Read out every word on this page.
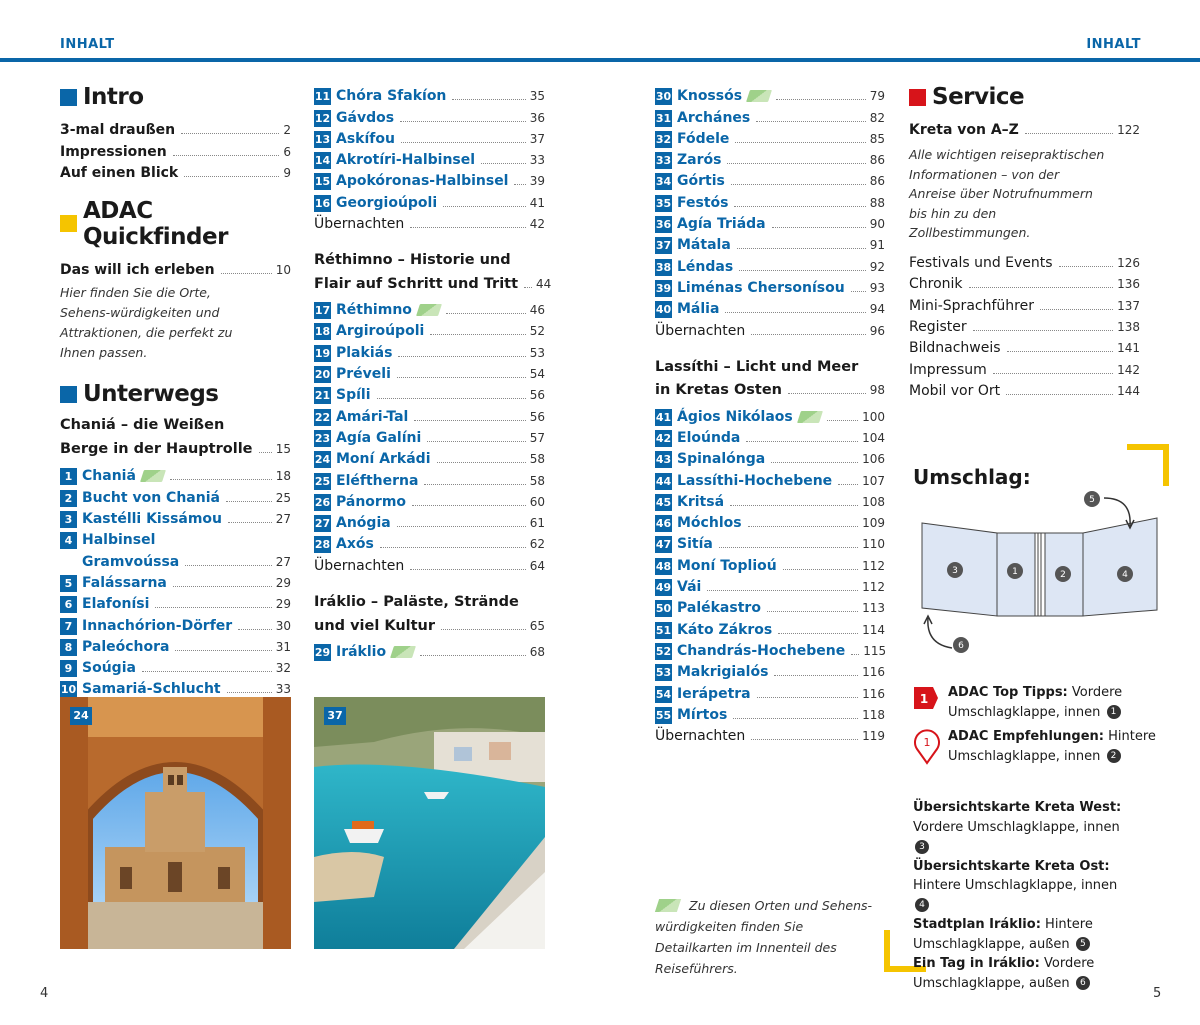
INHALT	INHALT
Intro
3-mal draußen	2
Impressionen	6
Auf einen Blick	9
ADAC Quickfinder
Das will ich erleben	10
Hier finden Sie die Orte, Sehens-würdigkeiten und Attraktionen, die perfekt zu Ihnen passen.
Unterwegs
Chaniá – die Weißen
Berge in der Hauptrolle 15
1 Chaniá	18
2 Bucht von Chaniá	25
3 Kastélli Kissámou	27
4 Halbinsel
Gramvoússa	27
5 Falássarna	29
6 Elafonísi	29
7 Innachórion-Dörfer	30
8 Paleóchora	31
9 Soúgia	32
10 Samariá-Schlucht	33
11 Chóra Sfakíon	35
12 Gávdos	36
13 Askífou	37
14 Akrotíri-Halbinsel	33
15 Apokóronas-Halbinsel 39
16 Georgioúpoli	41
Übernachten	42
Réthimno – Historie und
Flair auf Schritt und Tritt 44
17 Réthimno	46
18 Argiroúpoli	52
19 Plakiás	53
20 Préveli	54
21 Spíli	56
22 Amári-Tal	56
23 Agía Galíni	57
24 Moní Arkádi	58
25 Eléftherna	58
26 Pánormo	60
27 Anógia	61
28 Axós	62
Übernachten	64
Iráklio – Paläste, Strände
und viel Kultur	65
29 Iráklio	68
24	37
30 Knossós	79
31 Archánes	82
32 Fódele	85
33 Zarós	86
34 Górtis	86
35 Festós	88
36 Agía Triáda	90
37 Mátala	91
38 Léndas	92
39 Liménas Chersonísou 93
40 Mália	94
Übernachten	96
Lassíthi – Licht und Meer
in Kretas Osten	98
41 Ágios Nikólaos	100
42 Eloúnda	104
43 Spinalónga	106
44 Lassíthi-Hochebene 107
45 Kritsá	108
46 Móchlos	109
47 Sitía	110
48 Moní Toplioú	112
49 Vái	112
50 Palékastro	113
51 Káto Zákros	114
52 Chandrás-Hochebene 115
53 Makrigialós	116
54 Ierápetra	116
55 Mírtos	118
Übernachten	119
Zu diesen Orten und Sehens-würdigkeiten finden Sie Detailkarten im Innenteil des Reiseführers.
Service
Kreta von A–Z	122
Alle wichtigen reisepraktischen Informationen – von der Anreise über Notrufnummern bis hin zu den Zollbestimmungen.
Festivals und Events	126
Chronik	136
Mini-Sprachführer	137
Register	138
Bildnachweis	141
Impressum	142
Mobil vor Ort	144
Umschlag:
3	1	2	4
5
6
1 ADAC Top Tipps: Vordere Umschlagklappe, innen 1
1 ADAC Empfehlungen: Hintere Umschlagklappe, innen 2
Übersichtskarte Kreta West: Vordere Umschlagklappe, innen 3
Übersichtskarte Kreta Ost: Hintere Umschlagklappe, innen 4
Stadtplan Iráklio: Hintere Umschlagklappe, außen 5
Ein Tag in Iráklio: Vordere Umschlagklappe, außen 6
4	5
